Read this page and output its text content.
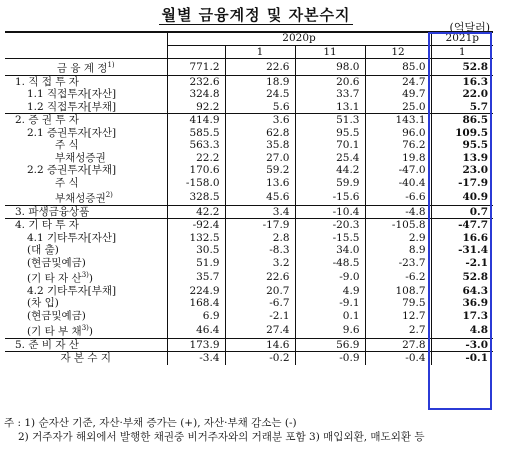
월별 금융계정 및 자본수지
(억달러)
	2020p				2021p
		1	11	12	1
금 융 계 정$^{1)}$	771.2	22.6	98.0	85.0	52.8
1. 직 접 투 자	232.6	18.9	20.6	24.7	16.3
1.1 직접투자[자산]	324.8	24.5	33.7	49.7	22.0
1.2 직접투자[부채]	92.2	5.6	13.1	25.0	5.7
2. 증 권 투 자	414.9	3.6	51.3	143.1	86.5
2.1 증권투자[자산]	585.5	62.8	95.5	96.0	109.5
주 식	563.3	35.8	70.1	76.2	95.5
부채성증권	22.2	27.0	25.4	19.8	13.9
2.2 증권투자[부채]	170.6	59.2	44.2	-47.0	23.0
주 식	-158.0	13.6	59.9	-40.4	-17.9
부채성증권$^{2)}$	328.5	45.6	-15.6	-6.6	40.9
3. 파생금융상품	42.2	3.4	-10.4	-4.8	0.7
4. 기 타 투 자	-92.4	-17.9	-20.3	-105.8	-47.7
4.1 기타투자[자산]	132.5	2.8	-15.5	2.9	16.6
(대 출)	30.5	-8.3	34.0	8.9	-31.4
(현금및예금)	51.9	3.2	-48.5	-23.7	-2.1
(기 타 자 산$^{3)}$)	35.7	22.6	-9.0	-6.2	52.8
4.2 기타투자[부채]	224.9	20.7	4.9	108.7	64.3
(차 입)	168.4	-6.7	-9.1	79.5	36.9
(현금및예금)	6.9	-2.1	0.1	12.7	17.3
(기 타 부 채$^{3)}$)	46.4	27.4	9.6	2.7	4.8
5. 준 비 자 산	173.9	14.6	56.9	27.8	-3.0
자 본 수 지	-3.4	-0.2	-0.9	-0.4	-0.1
주 : 1) 순자산 기준, 자산·부채 증가는 (+), 자산·부채 감소는 (-)
2) 거주자가 해외에서 발행한 채권중 비거주자와의 거래분 포함 3) 매입외환, 매도외환 등
